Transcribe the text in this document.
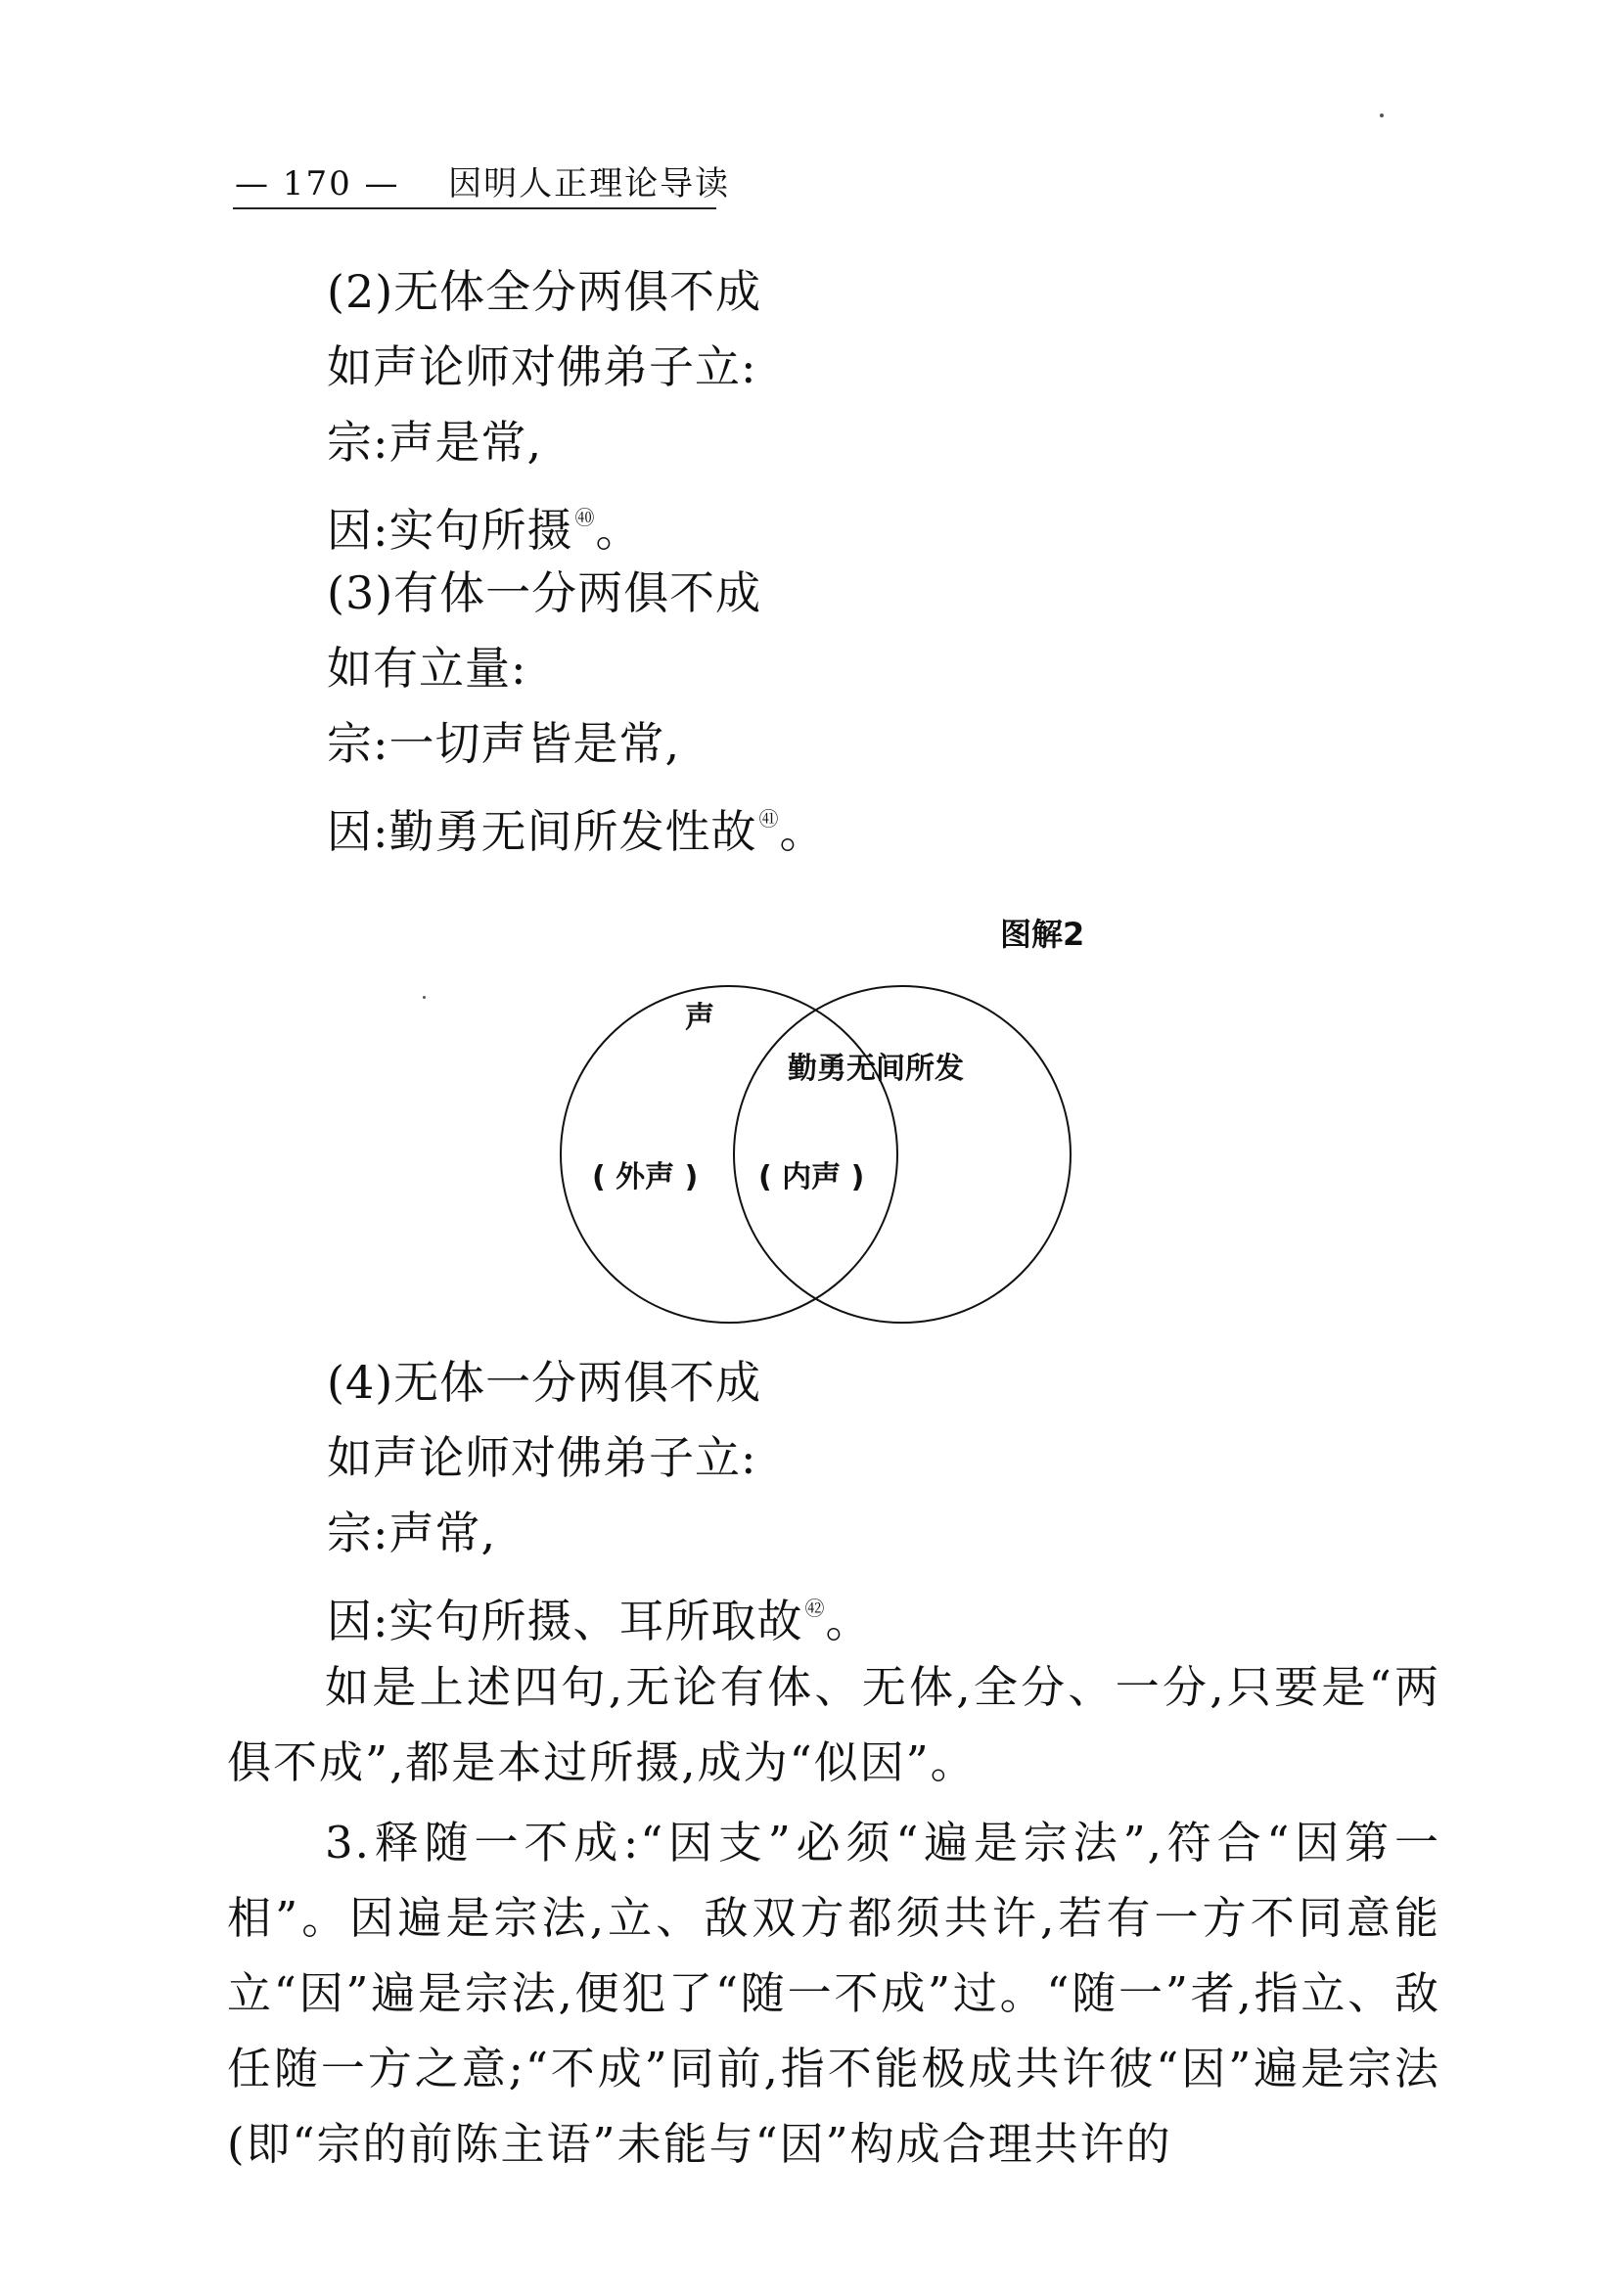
— 170 — 因明人正理论导读
(2)无体全分两俱不成
如声论师对佛弟子立:
宗:声是常,
因:实句所摄 $^㊵$。
(3)有体一分两俱不成
如有立量:
宗:一切声皆是常,
因:勤勇无间所发性故 $^㊶$。
图解2
声
勤勇无间所发
( 外声 ) ( 内声 )
(4)无体一分两俱不成
如声论师对佛弟子立:
宗:声常,
因:实句所摄、耳所取故 $^㊷$。
如是上述四句,无论有体、无体,全分、一分,只要是“两俱不成”,都是本过所摄,成为“似因”。
3.释随一不成:“因支”必须“遍是宗法”,符合“因第一相”。因遍是宗法,立、敌双方都须共许,若有一方不同意能立“因”遍是宗法,便犯了“随一不成”过。“随一”者,指立、敌任随一方之意;“不成”同前,指不能极成共许彼“因”遍是宗法(即“宗的前陈主语”未能与“因”构成合理共许的
